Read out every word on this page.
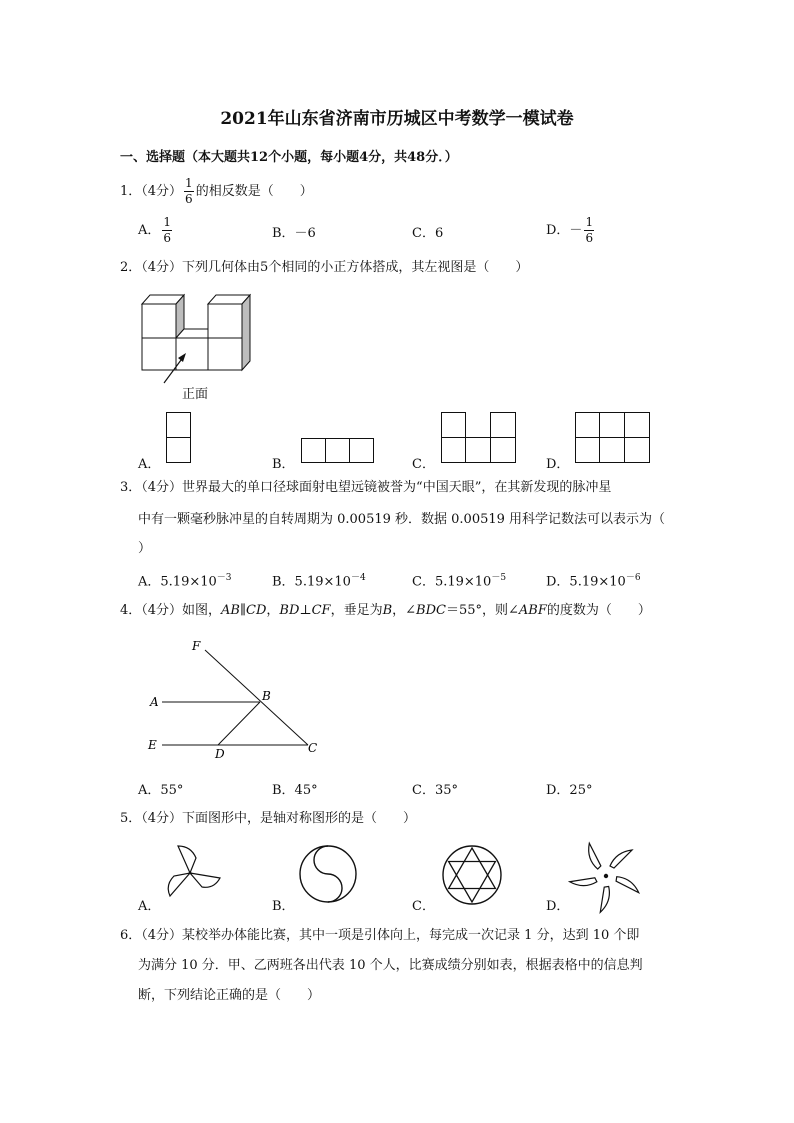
2021年山东省济南市历城区中考数学一模试卷
一、选择题（本大题共12个小题，每小题4分，共48分．）
1．（4分） $\frac{1}{6}$ 的相反数是（　　）
A． $\frac{1}{6}$	B．－6	C．6	D．－ $\frac{1}{6}$
2．（4分）下列几何体由5个相同的小正方体搭成，其左视图是（　　）
正面
A．	B．	C．	D．
3．（4分）世界最大的单口径球面射电望远镜被誉为“中国天眼”，在其新发现的脉冲星
中有一颗毫秒脉冲星的自转周期为 0.00519 秒．数据 0.00519 用科学记数法可以表示为（
）
A．$5.19\times 10^{-3}$	B．$5.19\times 10^{-4}$	C．$5.19\times 10^{-5}$	D．$5.19\times 10^{-6}$
4．（4分）如图，AB∥CD，BD⊥CF，垂足为B，∠BDC＝55°，则∠ABF的度数为（　　）
F
A	B
E
D	C
A．55°	B．45°	C．35°	D．25°
5．（4分）下面图形中，是轴对称图形的是（　　）
A．	B．	C．	D．
6．（4分）某校举办体能比赛，其中一项是引体向上，每完成一次记录 1 分，达到 10 个即
为满分 10 分．甲、乙两班各出代表 10 个人，比赛成绩分别如表，根据表格中的信息判
断，下列结论正确的是（　　）
